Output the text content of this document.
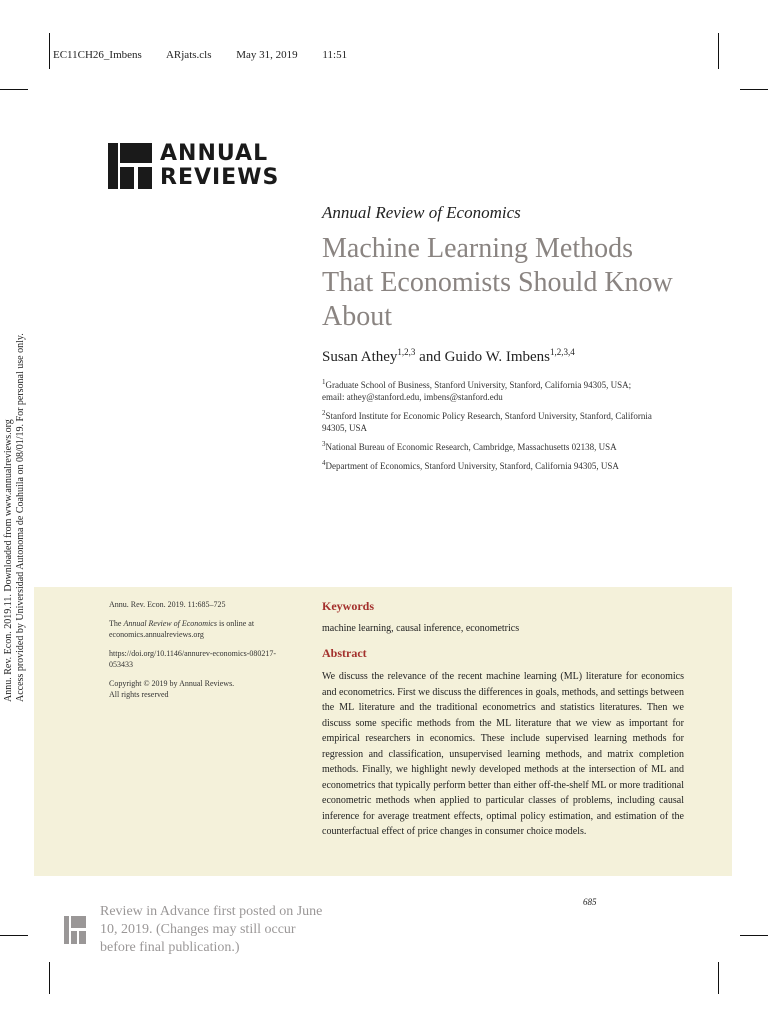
EC11CH26_Imbens ARjats.cls May 31, 2019 11:51
ANNUAL
REVIEWS
Annual Review of Economics
Machine Learning Methods That Economists Should Know About
Susan Athey$^{1,2,3}$ and Guido W. Imbens$^{1,2,3,4}$

$^1$Graduate School of Business, Stanford University, Stanford, California 94305, USA; email: athey@stanford.edu, imbens@stanford.edu

$^2$Stanford Institute for Economic Policy Research, Stanford University, Stanford, California 94305, USA

$^3$National Bureau of Economic Research, Cambridge, Massachusetts 02138, USA

$^4$Department of Economics, Stanford University, Stanford, California 94305, USA

Annu. Rev. Econ. 2019.11. Downloaded from www.annualreviews.org Access provided by Universidad Autonoma de Coahuila on 08/01/19. For personal use only.	Annu. Rev. Econ. 2019. 11:685–725

The Annual Review of Economics is online at economics.annualreviews.org

https://doi.org/10.1146/annurev-economics-080217-053433

Copyright © 2019 by Annual Reviews.
All rights reserved

Keywords
machine learning, causal inference, econometrics
Abstract
We discuss the relevance of the recent machine learning (ML) literature for economics and econometrics. First we discuss the differences in goals, methods, and settings between the ML literature and the traditional econometrics and statistics literatures. Then we discuss some specific methods from the ML literature that we view as important for empirical researchers in economics. These include supervised learning methods for regression and classification, unsupervised learning methods, and matrix completion methods. Finally, we highlight newly developed methods at the intersection of ML and econometrics that typically perform better than either off-the-shelf ML or more traditional econometric methods when applied to particular classes of problems, including causal inference for average treatment effects, optimal policy estimation, and estimation of the counterfactual effect of price changes in consumer choice models.
685
Review in Advance first posted on June 10, 2019. (Changes may still occur before final publication.)
